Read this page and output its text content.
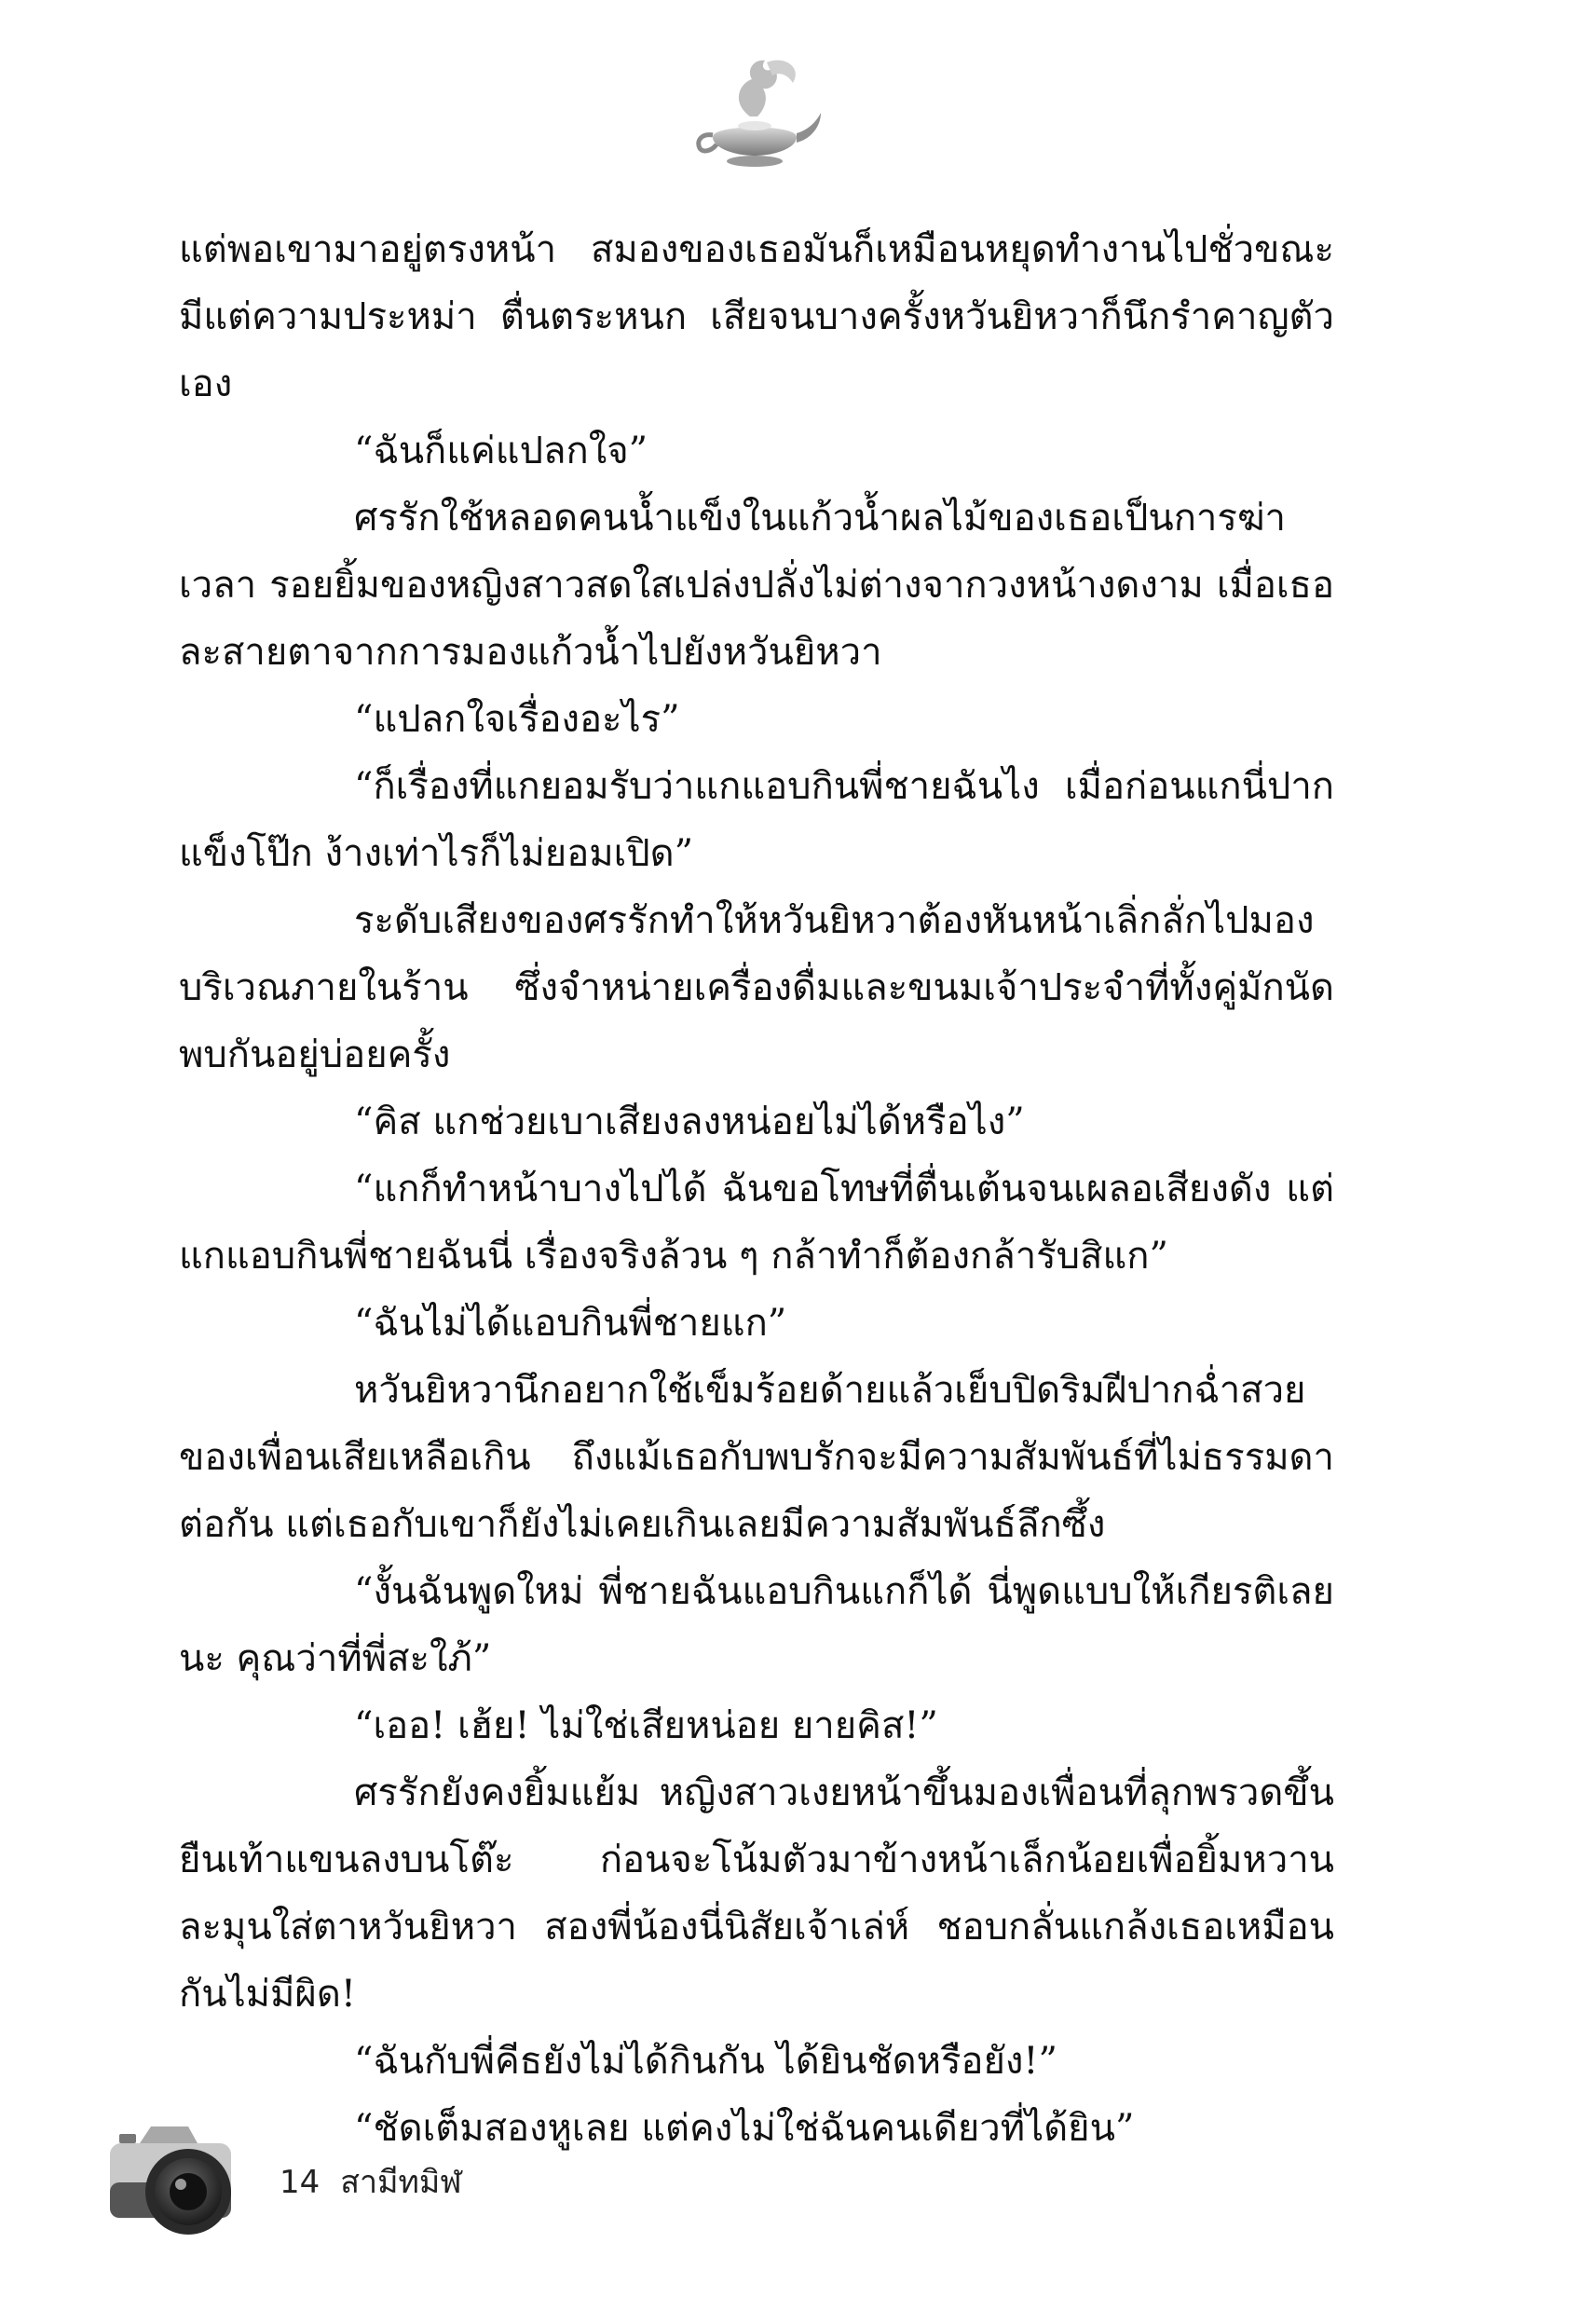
แต่พอเขามาอยู่ตรงหน้า สมองของเธอมันก็เหมือนหยุดทำงานไปชั่วขณะ มีแต่ความประหม่า ตื่นตระหนก เสียจนบางครั้งหวันยิหวาก็นึกรำคาญตัวเอง

“ฉันก็แค่แปลกใจ”

ศรรักใช้หลอดคนน้ำแข็งในแก้วน้ำผลไม้ของเธอเป็นการฆ่าเวลา รอยยิ้มของหญิงสาวสดใสเปล่งปลั่งไม่ต่างจากวงหน้างดงาม เมื่อเธอละสายตาจากการมองแก้วน้ำไปยังหวันยิหวา

“แปลกใจเรื่องอะไร”

“ก็เรื่องที่แกยอมรับว่าแกแอบกินพี่ชายฉันไง เมื่อก่อนแกนี่ปากแข็งโป๊ก ง้างเท่าไรก็ไม่ยอมเปิด”

ระดับเสียงของศรรักทำให้หวันยิหวาต้องหันหน้าเลิ่กลั่กไปมองบริเวณภายในร้าน ซึ่งจำหน่ายเครื่องดื่มและขนมเจ้าประจำที่ทั้งคู่มักนัดพบกันอยู่บ่อยครั้ง

“คิส แกช่วยเบาเสียงลงหน่อยไม่ได้หรือไง”

“แกก็ทำหน้าบางไปได้ ฉันขอโทษที่ตื่นเต้นจนเผลอเสียงดัง แต่แกแอบกินพี่ชายฉันนี่ เรื่องจริงล้วน ๆ กล้าทำก็ต้องกล้ารับสิแก”

“ฉันไม่ได้แอบกินพี่ชายแก”

หวันยิหวานึกอยากใช้เข็มร้อยด้ายแล้วเย็บปิดริมฝีปากฉ่ำสวยของเพื่อนเสียเหลือเกิน ถึงแม้เธอกับพบรักจะมีความสัมพันธ์ที่ไม่ธรรมดาต่อกัน แต่เธอกับเขาก็ยังไม่เคยเกินเลยมีความสัมพันธ์ลึกซึ้ง

“งั้นฉันพูดใหม่ พี่ชายฉันแอบกินแกก็ได้ นี่พูดแบบให้เกียรติเลยนะ คุณว่าที่พี่สะใภ้”

“เออ! เฮ้ย! ไม่ใช่เสียหน่อย ยายคิส!”

ศรรักยังคงยิ้มแย้ม หญิงสาวเงยหน้าขึ้นมองเพื่อนที่ลุกพรวดขึ้นยืนเท้าแขนลงบนโต๊ะ ก่อนจะโน้มตัวมาข้างหน้าเล็กน้อยเพื่อยิ้มหวานละมุนใส่ตาหวันยิหวา สองพี่น้องนี่นิสัยเจ้าเล่ห์ ชอบกลั่นแกล้งเธอเหมือนกันไม่มีผิด!

“ฉันกับพี่คีธยังไม่ได้กินกัน ได้ยินชัดหรือยัง!”

“ชัดเต็มสองหูเลย แต่คงไม่ใช่ฉันคนเดียวที่ได้ยิน”

14 สามีทมิฬ
